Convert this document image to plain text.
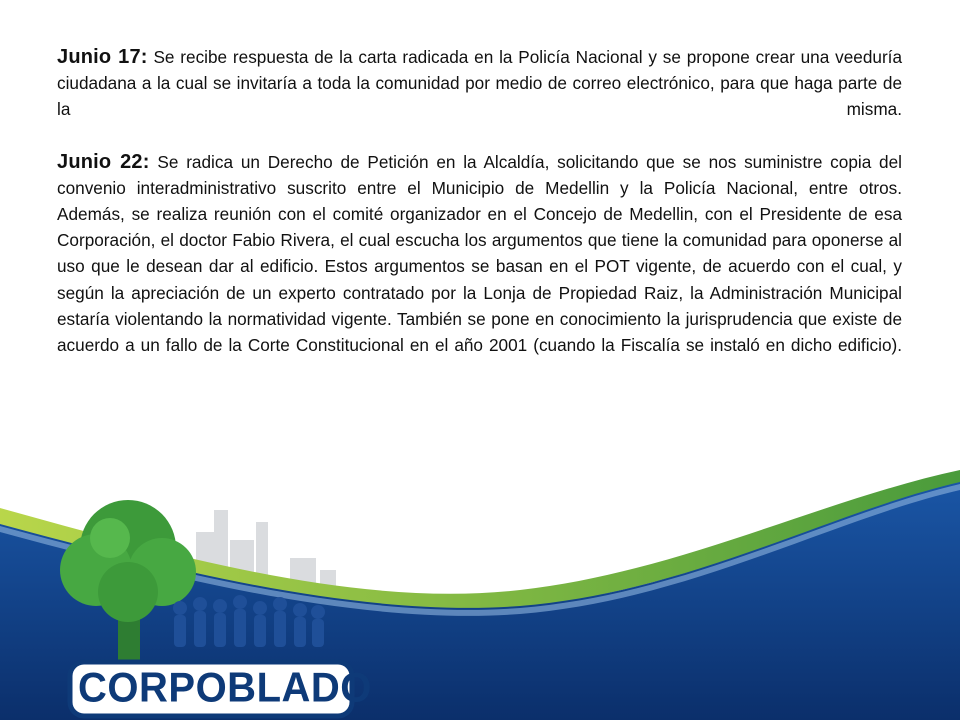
Junio 17: Se recibe respuesta de la carta radicada en la Policía Nacional y se propone crear una veeduría ciudadana a la cual se invitaría a toda la comunidad por medio de correo electrónico, para que haga parte de la misma.

Junio 22: Se radica un Derecho de Petición en la Alcaldía, solicitando que se nos suministre copia del convenio interadministrativo suscrito entre el Municipio de Medellin y la Policía Nacional, entre otros.

Además, se realiza reunión con el comité organizador en el Concejo de Medellin, con el Presidente de esa Corporación, el doctor Fabio Rivera, el cual escucha los argumentos que tiene la comunidad para oponerse al uso que le desean dar al edificio. Estos argumentos se basan en el POT vigente, de acuerdo con el cual, y según la apreciación de un experto contratado por la Lonja de Propiedad Raiz, la Administración Municipal estaría violentando la normatividad vigente. También se pone en conocimiento la jurisprudencia que existe de acuerdo a un fallo de la Corte Constitucional en el año 2001 (cuando la Fiscalía se instaló en dicho edificio).

CORPOBLADO
